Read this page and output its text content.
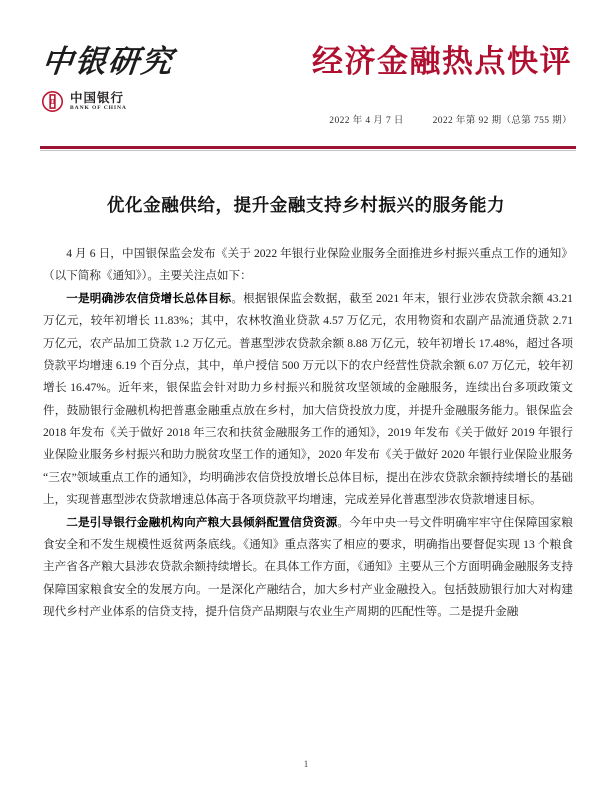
中银研究
中国银行
BANK OF CHINA
经济金融热点快评
2022 年 4 月 7 日	2022 年第 92 期（总第 755 期）
优化金融供给，提升金融支持乡村振兴的服务能力

4 月 6 日，中国银保监会发布《关于 2022 年银行业保险业服务全面推进乡村振兴重点工作的通知》（以下简称《通知》）。主要关注点如下：

一是明确涉农信贷增长总体目标。根据银保监会数据，截至 2021 年末，银行业涉农贷款余额 43.21 万亿元，较年初增长 11.83%；其中，农林牧渔业贷款 4.57 万亿元，农用物资和农副产品流通贷款 2.71 万亿元，农产品加工贷款 1.2 万亿元。普惠型涉农贷款余额 8.88 万亿元，较年初增长 17.48%，超过各项贷款平均增速 6.19 个百分点，其中，单户授信 500 万元以下的农户经营性贷款余额 6.07 万亿元，较年初增长 16.47%。近年来，银保监会针对助力乡村振兴和脱贫攻坚领域的金融服务，连续出台多项政策文件，鼓励银行金融机构把普惠金融重点放在乡村，加大信贷投放力度，并提升金融服务能力。银保监会 2018 年发布《关于做好 2018 年三农和扶贫金融服务工作的通知》，2019 年发布《关于做好 2019 年银行业保险业服务乡村振兴和助力脱贫攻坚工作的通知》，2020 年发布《关于做好 2020 年银行业保险业服务“三农”领域重点工作的通知》，均明确涉农信贷投放增长总体目标，提出在涉农贷款余额持续增长的基础上，实现普惠型涉农贷款增速总体高于各项贷款平均增速，完成差异化普惠型涉农贷款增速目标。

二是引导银行金融机构向产粮大县倾斜配置信贷资源。今年中央一号文件明确牢牢守住保障国家粮食安全和不发生规模性返贫两条底线。《通知》重点落实了相应的要求，明确指出要督促实现 13 个粮食主产省各产粮大县涉农贷款余额持续增长。在具体工作方面，《通知》主要从三个方面明确金融服务支持保障国家粮食安全的发展方向。一是深化产融结合，加大乡村产业金融投入。包括鼓励银行加大对构建现代乡村产业体系的信贷支持，提升信贷产品期限与农业生产周期的匹配性等。二是提升金融

1
